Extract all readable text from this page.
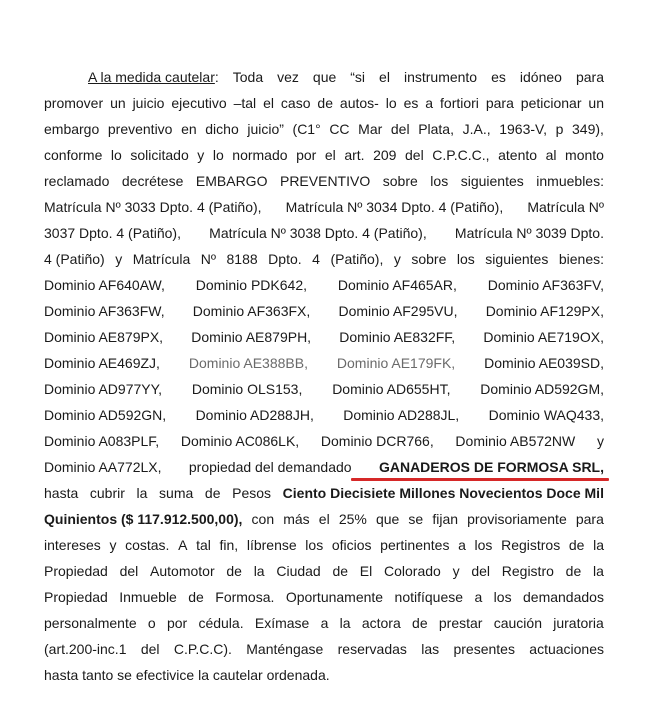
A la medida cautelar: Toda vez que “si el instrumento es idóneo para
promover un juicio ejecutivo –tal el caso de autos- lo es a fortiori para peticionar un
embargo preventivo en dicho juicio” (C1° CC Mar del Plata, J.A., 1963-V, p 349),
conforme lo solicitado y lo normado por el art. 209 del C.P.C.C., atento al monto
reclamado decrétese EMBARGO PREVENTIVO sobre los siguientes inmuebles:
Matrícula Nº 3033 Dpto. 4 (Patiño), Matrícula Nº 3034 Dpto. 4 (Patiño), Matrícula Nº
3037 Dpto. 4 (Patiño), Matrícula Nº 3038 Dpto. 4 (Patiño), Matrícula Nº 3039 Dpto.
4 (Patiño) y Matrícula Nº 8188 Dpto. 4 (Patiño), y sobre los siguientes bienes:
Dominio AF640AW, Dominio PDK642, Dominio AF465AR, Dominio AF363FV,
Dominio AF363FW, Dominio AF363FX, Dominio AF295VU, Dominio AF129PX,
Dominio AE879PX, Dominio AE879PH, Dominio AE832FF, Dominio AE719OX,
Dominio AE469ZJ, Dominio AE388BB, Dominio AE179FK, Dominio AE039SD,
Dominio AD977YY, Dominio OLS153, Dominio AD655HT, Dominio AD592GM,
Dominio AD592GN, Dominio AD288JH, Dominio AD288JL, Dominio WAQ433,
Dominio A083PLF, Dominio AC086LK, Dominio DCR766, Dominio AB572NW y
Dominio AA772LX, propiedad del demandado GANADEROS DE FORMOSA SRL,
hasta cubrir la suma de Pesos Ciento Diecisiete Millones Novecientos Doce Mil
Quinientos ($ 117.912.500,00), con más el 25% que se fijan provisoriamente para
intereses y costas. A tal fin, líbrense los oficios pertinentes a los Registros de la
Propiedad del Automotor de la Ciudad de El Colorado y del Registro de la
Propiedad Inmueble de Formosa. Oportunamente notifíquese a los demandados
personalmente o por cédula. Exímase a la actora de prestar caución juratoria
(art.200-inc.1 del C.P.C.C). Manténgase reservadas las presentes actuaciones
hasta tanto se efectivice la cautelar ordenada.
